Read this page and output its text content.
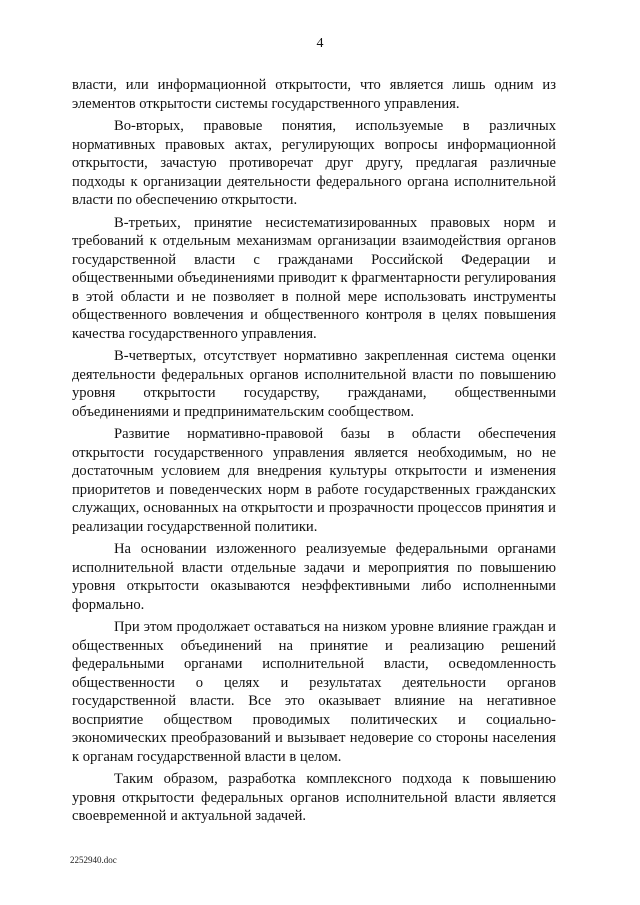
4

власти, или информационной открытости, что является лишь одним из элементов открытости системы государственного управления.

Во-вторых, правовые понятия, используемые в различных нормативных правовых актах, регулирующих вопросы информационной открытости, зачастую противоречат друг другу, предлагая различные подходы к организации деятельности федерального органа исполнительной власти по обеспечению открытости.

В-третьих, принятие несистематизированных правовых норм и требований к отдельным механизмам организации взаимодействия органов государственной власти с гражданами Российской Федерации и общественными объединениями приводит к фрагментарности регулирования в этой области и не позволяет в полной мере использовать инструменты общественного вовлечения и общественного контроля в целях повышения качества государственного управления.

В-четвертых, отсутствует нормативно закрепленная система оценки деятельности федеральных органов исполнительной власти по повышению уровня открытости государству, гражданами, общественными объединениями и предпринимательским сообществом.

Развитие нормативно-правовой базы в области обеспечения открытости государственного управления является необходимым, но не достаточным условием для внедрения культуры открытости и изменения приоритетов и поведенческих норм в работе государственных гражданских служащих, основанных на открытости и прозрачности процессов принятия и реализации государственной политики.

На основании изложенного реализуемые федеральными органами исполнительной власти отдельные задачи и мероприятия по повышению уровня открытости оказываются неэффективными либо исполненными формально.

При этом продолжает оставаться на низком уровне влияние граждан и общественных объединений на принятие и реализацию решений федеральными органами исполнительной власти, осведомленность общественности о целях и результатах деятельности органов государственной власти. Все это оказывает влияние на негативное восприятие обществом проводимых политических и социально-экономических преобразований и вызывает недоверие со стороны населения к органам государственной власти в целом.

Таким образом, разработка комплексного подхода к повышению уровня открытости федеральных органов исполнительной власти является своевременной и актуальной задачей.

2252940.doc
